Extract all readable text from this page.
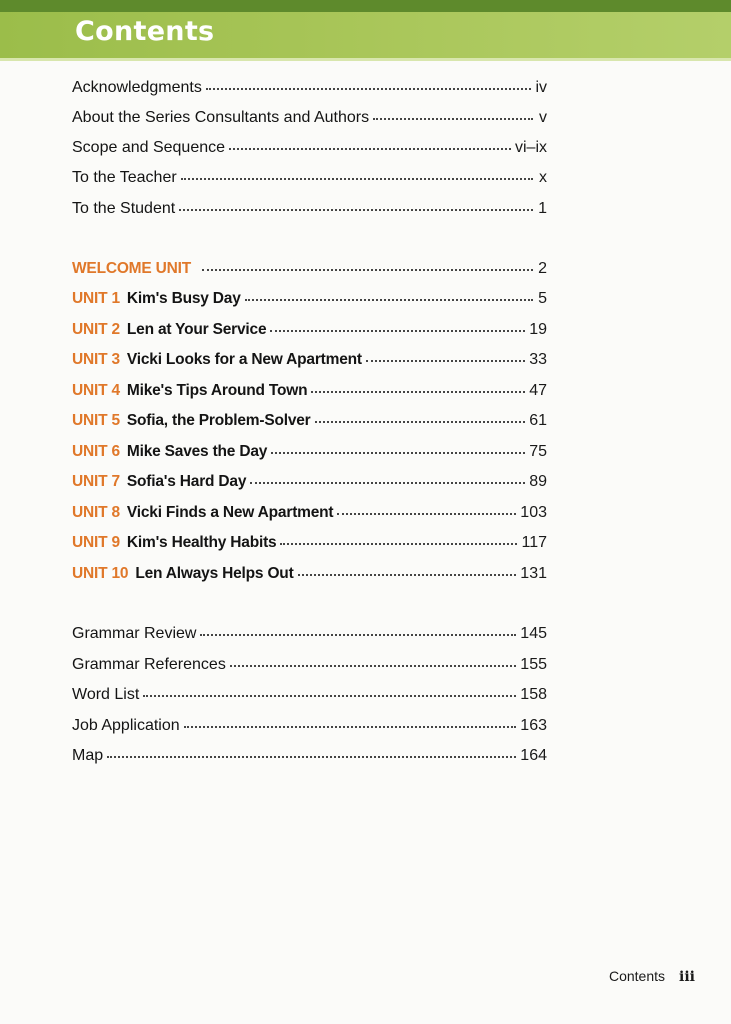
Contents
Acknowledgments	iv
About the Series Consultants and Authors	v
Scope and Sequence	vi–ix
To the Teacher	x
To the Student	1
WELCOME UNIT	2
UNIT 1 Kim's Busy Day	5
UNIT 2 Len at Your Service	19
UNIT 3 Vicki Looks for a New Apartment	33
UNIT 4 Mike's Tips Around Town	47
UNIT 5 Sofia, the Problem-Solver	61
UNIT 6 Mike Saves the Day	75
UNIT 7 Sofia's Hard Day	89
UNIT 8 Vicki Finds a New Apartment	103
UNIT 9 Kim's Healthy Habits	117
UNIT 10 Len Always Helps Out	131
Grammar Review	145
Grammar References	155
Word List	158
Job Application	163
Map	164
Contents iii
